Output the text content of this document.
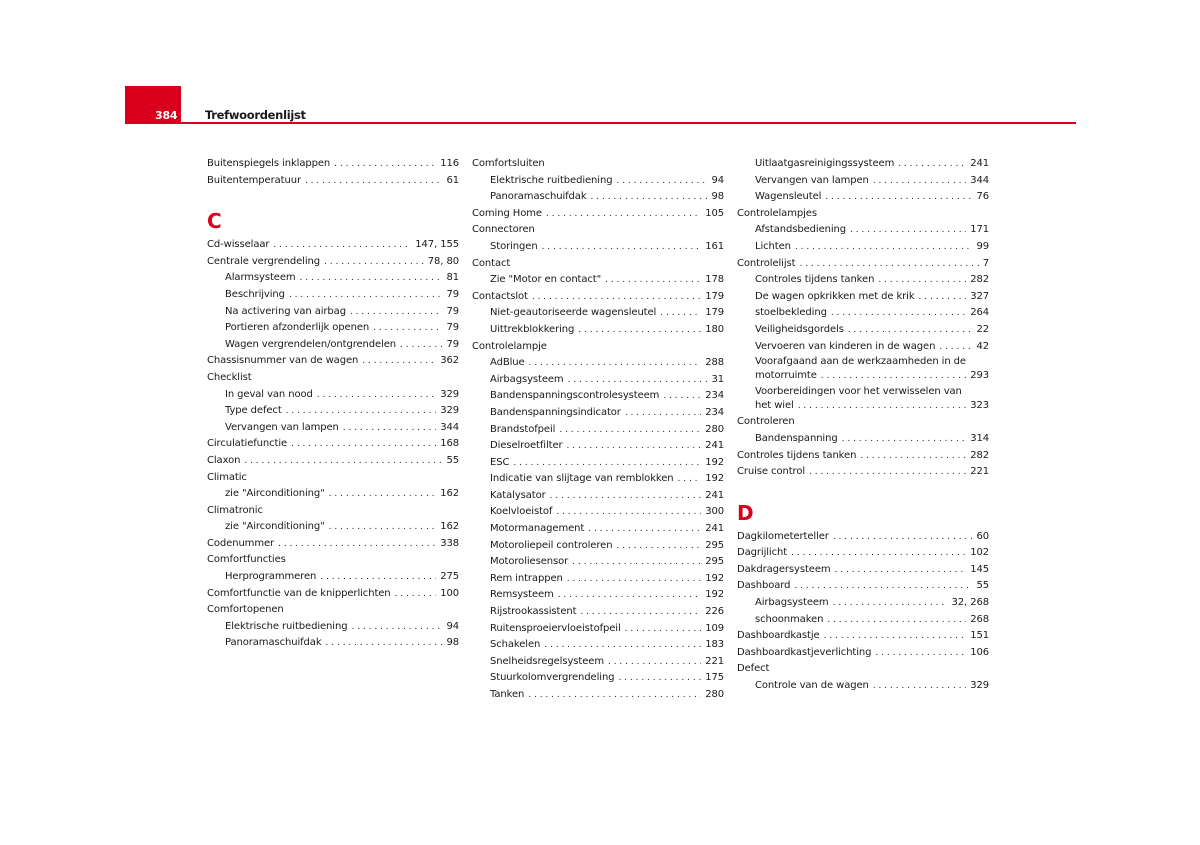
384 Trefwoordenlijst
Buitenspiegels inklappen . . .	116
Buitentemperatuur . . .	61
C
Cd-wisselaar . . .	147, 155
Centrale vergrendeling . . .	78, 80
Alarmsysteem . . .	81
Beschrijving . . .	79
Na activering van airbag . . .	79
Portieren afzonderlijk openen . . .	79
Wagen vergrendelen/ontgrendelen . . .	79
Chassisnummer van de wagen . . .	362
Checklist
In geval van nood . . .	329
Type defect . . .	329
Vervangen van lampen . . .	344
Circulatiefunctie . . .	168
Claxon . . .	55
Climatic
zie "Airconditioning" . . .	162
Climatronic
zie "Airconditioning" . . .	162
Codenummer . . .	338
Comfortfuncties
Herprogrammeren . . .	275
Comfortfunctie van de knipperlichten . . .	100
Comfortopenen
Elektrische ruitbediening . . .	94
Panoramaschuifdak . . .	98
Comfortsluiten
Elektrische ruitbediening . . .	94
Panoramaschuifdak . . .	98
Coming Home . . .	105
Connectoren
Storingen . . .	161
Contact
Zie "Motor en contact" . . .	178
Contactslot . . .	179
Niet-geautoriseerde wagensleutel . . .	179
Uittrekblokkering . . .	180
Controlelampje
AdBlue . . .	288
Airbagsysteem . . .	31
Bandenspanningscontrolesysteem . . .	234
Bandenspanningsindicator . . .	234
Brandstofpeil . . .	280
Dieselroetfilter . . .	241
ESC . . .	192
Indicatie van slijtage van remblokken . . .	192
Katalysator . . .	241
Koelvloeistof . . .	300
Motormanagement . . .	241
Motoroliepeil controleren . . .	295
Motoroliesensor . . .	295
Rem intrappen . . .	192
Remsysteem . . .	192
Rijstrookassistent . . .	226
Ruitensproeiervloeistofpeil . . .	109
Schakelen . . .	183
Snelheidsregelsysteem . . .	221
Stuurkolomvergrendeling . . .	175
Tanken . . .	280
Uitlaatgasreinigingssysteem . . .	241
Vervangen van lampen . . .	344
Wagensleutel . . .	76
Controlelampjes
Afstandsbediening . . .	171
Lichten . . .	99
Controlelijst . . .	7
Controles tijdens tanken . . .	282
De wagen opkrikken met de krik . . .	327
stoelbekleding . . .	264
Veiligheidsgordels . . .	22
Vervoeren van kinderen in de wagen . . .	42
Voorafgaand aan de werkzaamheden in de
motorruimte . . .	293
Voorbereidingen voor het verwisselen van
het wiel . . .	323
Controleren
Bandenspanning . . .	314
Controles tijdens tanken . . .	282
Cruise control . . .	221
D
Dagkilometerteller . . .	60
Dagrijlicht . . .	102
Dakdragersysteem . . .	145
Dashboard . . .	55
Airbagsysteem . . .	32, 268
schoonmaken . . .	268
Dashboardkastje . . .	151
Dashboardkastjeverlichting . . .	106
Defect
Controle van de wagen . . .	329
